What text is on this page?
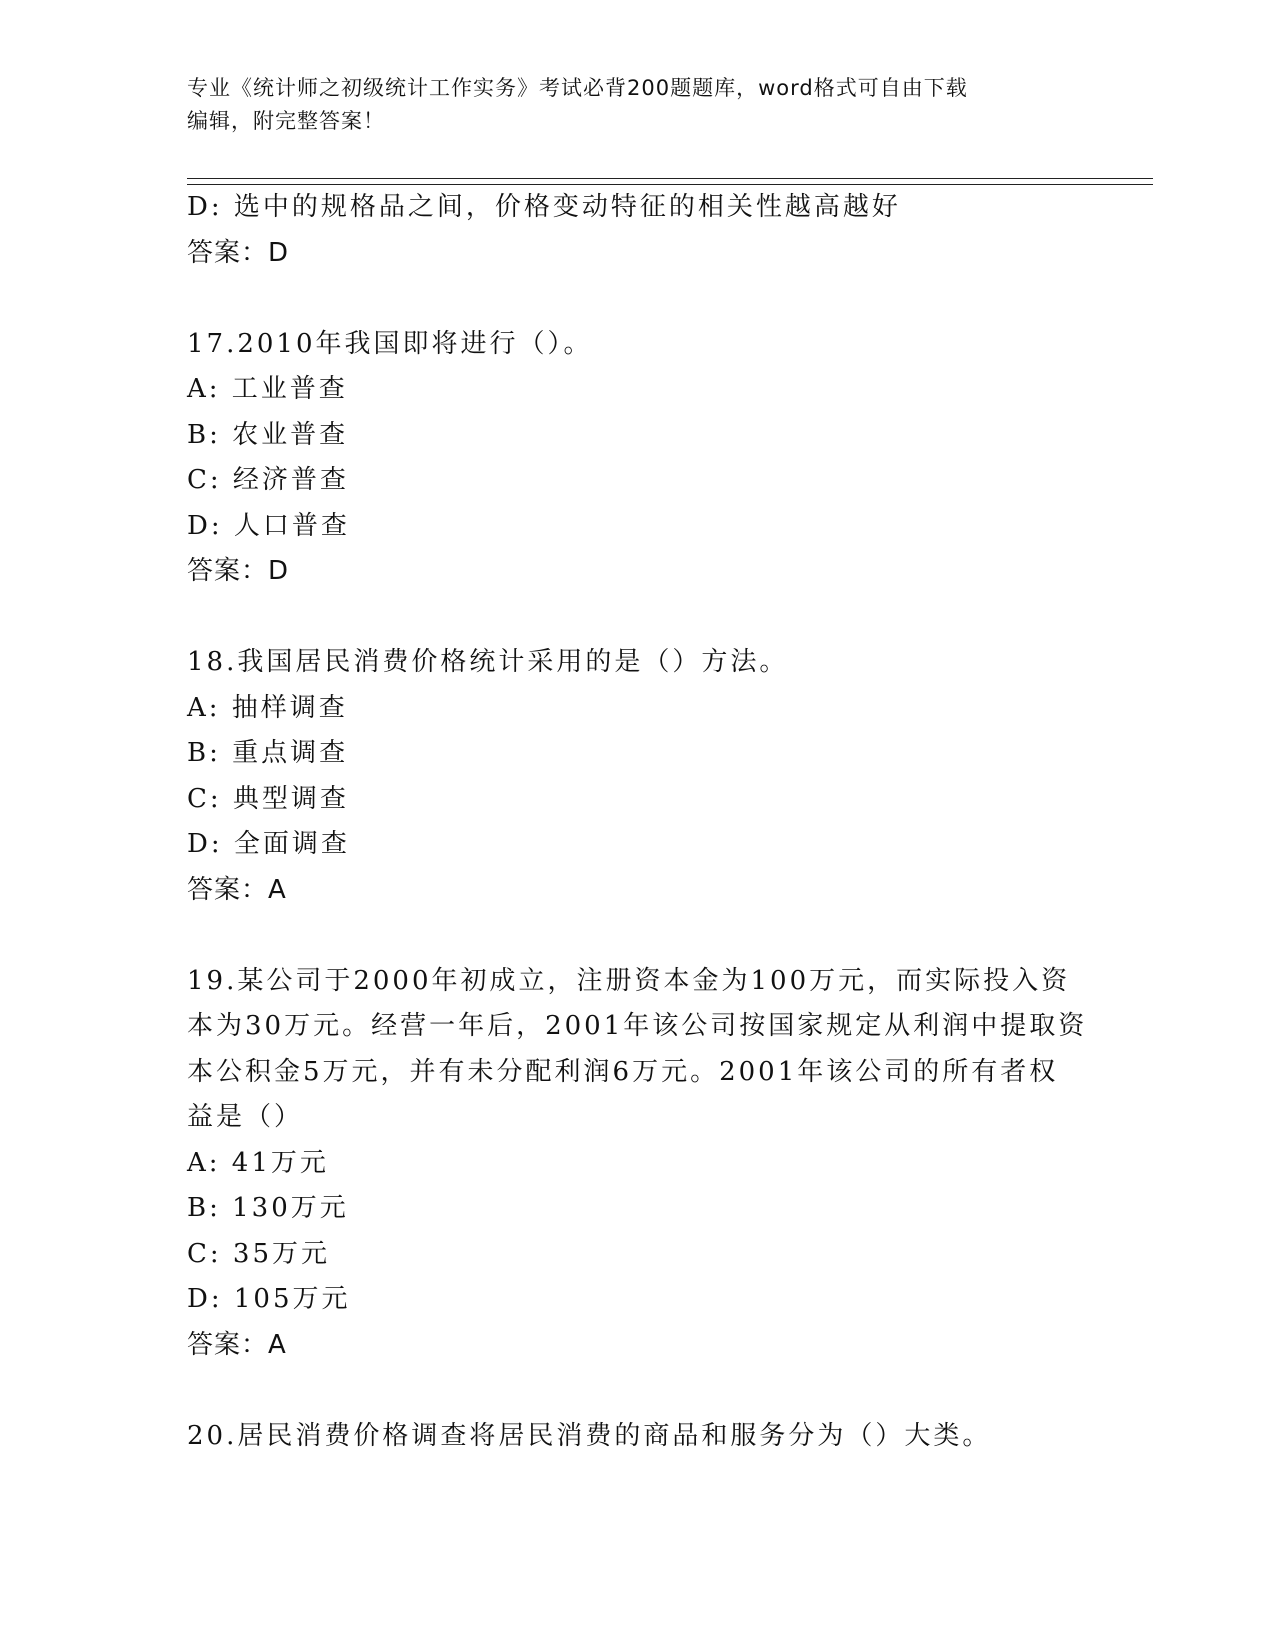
专业《统计师之初级统计工作实务》考试必背200题题库，word格式可自由下载

编辑，附完整答案！

D: 选中的规格品之间，价格变动特征的相关性越高越好

答案：D

17.2010年我国即将进行（）。

A: 工业普查

B: 农业普查

C: 经济普查

D: 人口普查

答案：D

18.我国居民消费价格统计采用的是（）方法。

A: 抽样调查

B: 重点调查

C: 典型调查

D: 全面调查

答案：A

19.某公司于2000年初成立，注册资本金为100万元，而实际投入资

本为30万元。经营一年后，2001年该公司按国家规定从利润中提取资

本公积金5万元，并有未分配利润6万元。2001年该公司的所有者权

益是（）

A: 41万元

B: 130万元

C: 35万元

D: 105万元

答案：A

20.居民消费价格调查将居民消费的商品和服务分为（）大类。
